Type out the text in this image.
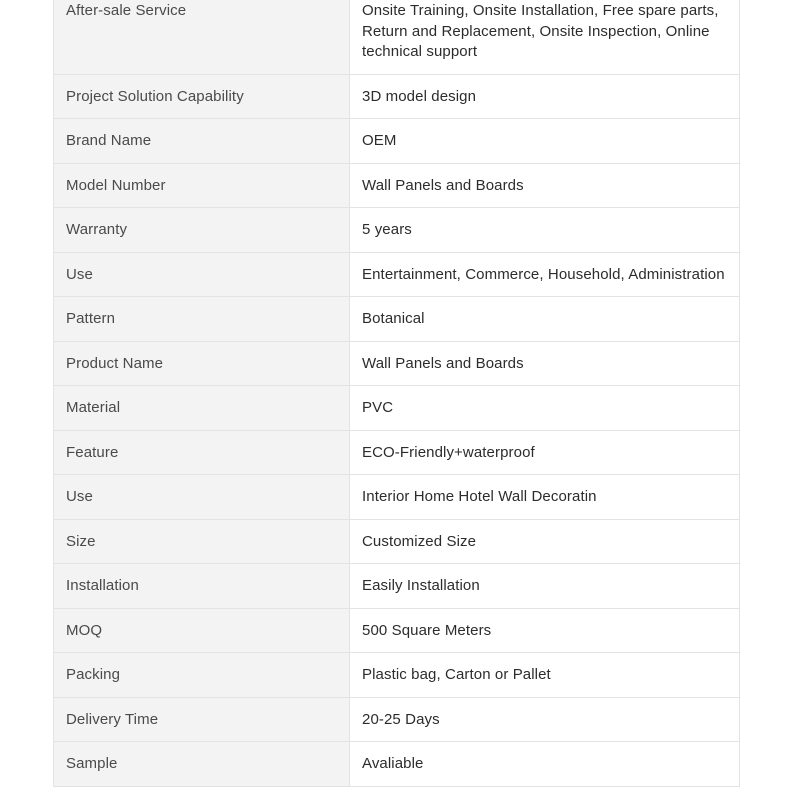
After-sale Service	Onsite Training, Onsite Installation, Free spare parts, Return and Replacement, Onsite Inspection, Online technical support
Project Solution Capability	3D model design
Brand Name	OEM
Model Number	Wall Panels and Boards
Warranty	5 years
Use	Entertainment, Commerce, Household, Administration
Pattern	Botanical
Product Name	Wall Panels and Boards
Material	PVC
Feature	ECO-Friendly+waterproof
Use	Interior Home Hotel Wall Decoratin
Size	Customized Size
Installation	Easily Installation
MOQ	500 Square Meters
Packing	Plastic bag, Carton or Pallet
Delivery Time	20-25 Days
Sample	Avaliable
